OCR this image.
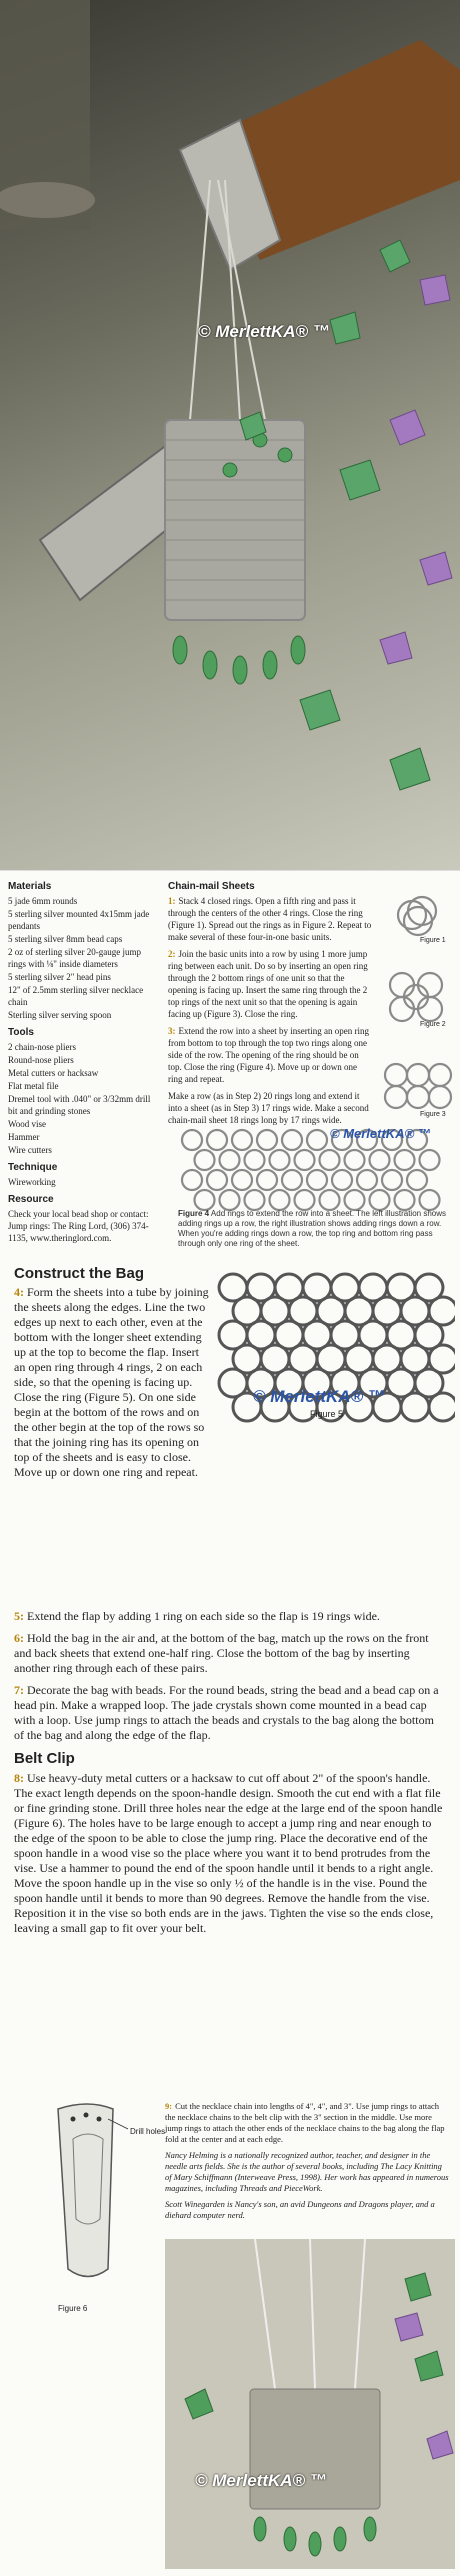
© MerlettKA® ™
Materials
5 jade 6mm rounds
5 sterling silver mounted 4x15mm jade pendants
5 sterling silver 8mm bead caps
2 oz of sterling silver 20-gauge jump rings with ⅛" inside diameters
5 sterling silver 2" head pins
12" of 2.5mm sterling silver necklace chain
Sterling silver serving spoon
Tools
2 chain-nose pliers
Round-nose pliers
Metal cutters or hacksaw
Flat metal file
Dremel tool with .040" or 3/32mm drill bit and grinding stones
Wood vise
Hammer
Wire cutters
Technique
Wireworking
Resource
Check your local bead shop or contact: Jump rings: The Ring Lord, (306) 374-1135, www.theringlord.com.
Chain-mail Sheets

1: Stack 4 closed rings. Open a fifth ring and pass it through the centers of the other 4 rings. Close the ring (Figure 1). Spread out the rings as in Figure 2. Repeat to make several of these four-in-one basic units.

2: Join the basic units into a row by using 1 more jump ring between each unit. Do so by inserting an open ring through the 2 bottom rings of one unit so that the opening is facing up. Insert the same ring through the 2 top rings of the next unit so that the opening is again facing up (Figure 3). Close the ring.

3: Extend the row into a sheet by inserting an open ring from bottom to top through the top two rings along one side of the row. The opening of the ring should be on top. Close the ring (Figure 4). Move up or down one ring and repeat.

Make a row (as in Step 2) 20 rings long and extend it into a sheet (as in Step 3) 17 rings wide. Make a second chain-mail sheet 18 rings long by 17 rings wide.

Figure 1
Figure 2
Figure 3
© MerlettKA® ™
Figure 4 Add rings to extend the row into a sheet. The left illustration shows adding rings up a row, the right illustration shows adding rings down a row. When you're adding rings down a row, the top ring and bottom ring pass through only one ring of the sheet.
© MerlettKA® ™
Figure 5
Construct the Bag

4: Form the sheets into a tube by joining the sheets along the edges. Line the two edges up next to each other, even at the bottom with the longer sheet extending up at the top to become the flap. Insert an open ring through 4 rings, 2 on each side, so that the opening is facing up. Close the ring (Figure 5). On one side begin at the bottom of the rows and on the other begin at the top of the rows so that the joining ring has its opening on top of the sheets and is easy to close. Move up or down one ring and repeat.

5: Extend the flap by adding 1 ring on each side so the flap is 19 rings wide.

6: Hold the bag in the air and, at the bottom of the bag, match up the rows on the front and back sheets that extend one-half ring. Close the bottom of the bag by inserting another ring through each of these pairs.

7: Decorate the bag with beads. For the round beads, string the bead and a bead cap on a head pin. Make a wrapped loop. The jade crystals shown come mounted in a bead cap with a loop. Use jump rings to attach the beads and crystals to the bag along the bottom of the bag and along the edge of the flap.

Belt Clip

8: Use heavy-duty metal cutters or a hacksaw to cut off about 2" of the spoon's handle. The exact length depends on the spoon-handle design. Smooth the cut end with a flat file or fine grinding stone. Drill three holes near the edge at the large end of the spoon handle (Figure 6). The holes have to be large enough to accept a jump ring and near enough to the edge of the spoon to be able to close the jump ring. Place the decorative end of the spoon handle in a wood vise so the place where you want it to bend protrudes from the vise. Use a hammer to pound the end of the spoon handle until it bends to a right angle. Move the spoon handle up in the vise so only ½ of the handle is in the vise. Pound the spoon handle until it bends to more than 90 degrees. Remove the handle from the vise. Reposition it in the vise so both ends are in the jaws. Tighten the vise so the ends close, leaving a small gap to fit over your belt.

Drill holes
Figure 6

9: Cut the necklace chain into lengths of 4", 4", and 3". Use jump rings to attach the necklace chains to the belt clip with the 3" section in the middle. Use more jump rings to attach the other ends of the necklace chains to the bag along the flap fold at the center and at each edge.

Nancy Helming is a nationally recognized author, teacher, and designer in the needle arts fields. She is the author of several books, including The Lacy Knitting of Mary Schiffmann (Interweave Press, 1998). Her work has appeared in numerous magazines, including Threads and PieceWork.

Scott Winegarden is Nancy's son, an avid Dungeons and Dragons player, and a diehard computer nerd.

© MerlettKA® ™
